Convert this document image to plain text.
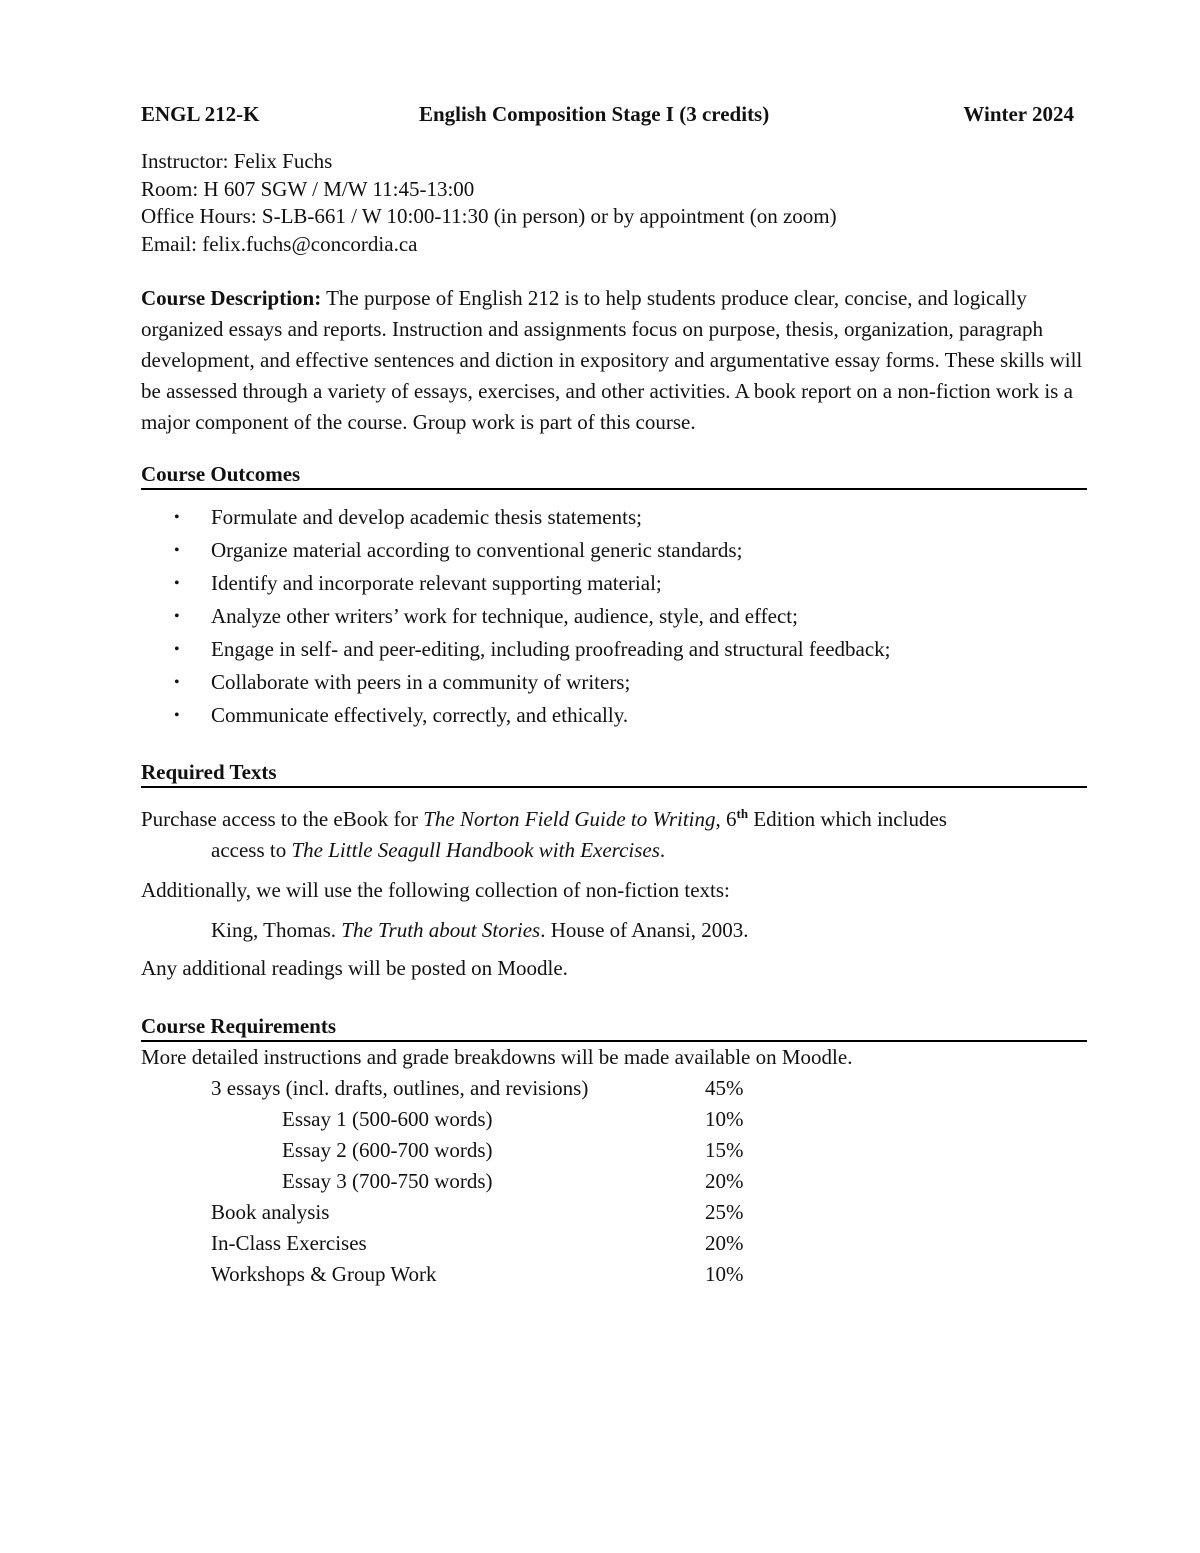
ENGL 212-K	English Composition Stage I (3 credits)	Winter 2024
Instructor: Felix Fuchs
Room: H 607 SGW / M/W 11:45-13:00
Office Hours: S-LB-661 / W 10:00-11:30 (in person) or by appointment (on zoom)
Email: felix.fuchs@concordia.ca
Course Description: The purpose of English 212 is to help students produce clear, concise, and logically organized essays and reports. Instruction and assignments focus on purpose, thesis, organization, paragraph development, and effective sentences and diction in expository and argumentative essay forms. These skills will be assessed through a variety of essays, exercises, and other activities. A book report on a non-fiction work is a major component of the course. Group work is part of this course.
Course Outcomes
• Formulate and develop academic thesis statements;
• Organize material according to conventional generic standards;
• Identify and incorporate relevant supporting material;
• Analyze other writers’ work for technique, audience, style, and effect;
• Engage in self- and peer-editing, including proofreading and structural feedback;
• Collaborate with peers in a community of writers;
• Communicate effectively, correctly, and ethically.
Required Texts
Purchase access to the eBook for The Norton Field Guide to Writing, 6th Edition which includes
access to The Little Seagull Handbook with Exercises.
Additionally, we will use the following collection of non-fiction texts:
King, Thomas. The Truth about Stories. House of Anansi, 2003.
Any additional readings will be posted on Moodle.
Course Requirements
More detailed instructions and grade breakdowns will be made available on Moodle.
3 essays (incl. drafts, outlines, and revisions)	45%
Essay 1 (500-600 words)	10%
Essay 2 (600-700 words)	15%
Essay 3 (700-750 words)	20%
Book analysis	25%
In-Class Exercises	20%
Workshops & Group Work	10%
